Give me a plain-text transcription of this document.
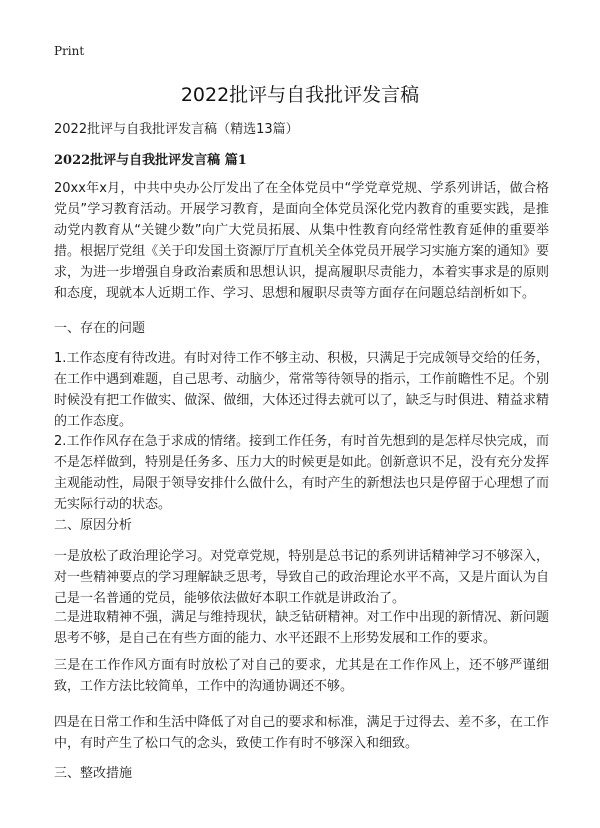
Print
2022批评与自我批评发言稿
2022批评与自我批评发言稿（精选13篇）
2022批评与自我批评发言稿 篇1

20xx年x月，中共中央办公厅发出了在全体党员中“学党章党规、学系列讲话，做合格党员”学习教育活动。开展学习教育，是面向全体党员深化党内教育的重要实践，是推动党内教育从“关键少数”向广大党员拓展、从集中性教育向经常性教育延伸的重要举措。根据厅党组《关于印发国土资源厅厅直机关全体党员开展学习实施方案的通知》要求，为进一步增强自身政治素质和思想认识，提高履职尽责能力，本着实事求是的原则和态度，现就本人近期工作、学习、思想和履职尽责等方面存在问题总结剖析如下。

一、存在的问题

1.工作态度有待改进。有时对待工作不够主动、积极，只满足于完成领导交给的任务，在工作中遇到难题，自己思考、动脑少，常常等待领导的指示，工作前瞻性不足。个别时候没有把工作做实、做深、做细，大体还过得去就可以了，缺乏与时俱进、精益求精的工作态度。

2.工作作风存在急于求成的情绪。接到工作任务，有时首先想到的是怎样尽快完成，而不是怎样做到，特别是任务多、压力大的时候更是如此。创新意识不足，没有充分发挥主观能动性，局限于领导安排什么做什么，有时产生的新想法也只是停留于心理想了而无实际行动的状态。

二、原因分析

一是放松了政治理论学习。对党章党规，特别是总书记的系列讲话精神学习不够深入，对一些精神要点的学习理解缺乏思考，导致自己的政治理论水平不高，又是片面认为自己是一名普通的党员，能够依法做好本职工作就是讲政治了。

二是进取精神不强，满足与维持现状，缺乏钻研精神。对工作中出现的新情况、新问题思考不够，是自己在有些方面的能力、水平还跟不上形势发展和工作的要求。

三是在工作作风方面有时放松了对自己的要求，尤其是在工作作风上，还不够严谨细致，工作方法比较简单，工作中的沟通协调还不够。

四是在日常工作和生活中降低了对自己的要求和标准，满足于过得去、差不多，在工作中，有时产生了松口气的念头，致使工作有时不够深入和细致。

三、整改措施
